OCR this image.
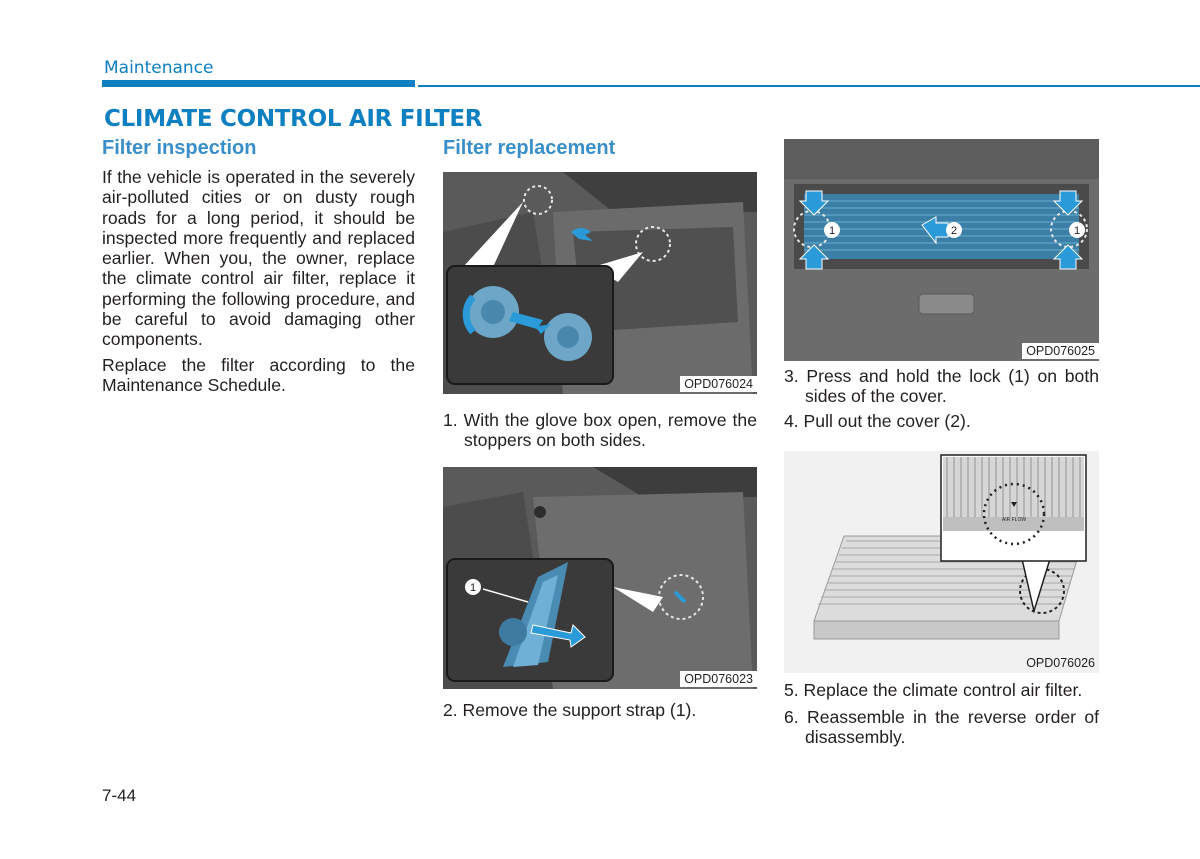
Maintenance
CLIMATE CONTROL AIR FILTER
Filter inspection
If the vehicle is operated in the severely air-polluted cities or on dusty rough roads for a long period, it should be inspected more frequently and replaced earlier. When you, the owner, replace the climate control air filter, replace it performing the following procedure, and be careful to avoid damaging other components.
Replace the filter according to the Maintenance Schedule.
Filter replacement
OPD076024
1. With the glove box open, remove the stoppers on both sides.
1
OPD076023
2. Remove the support strap (1).
1	2	1
OPD076025
3. Press and hold the lock (1) on both sides of the cover.
4. Pull out the cover (2).
AIR FLOW
OPD076026
5. Replace the climate control air filter.
6. Reassemble in the reverse order of disassembly.
7-44
